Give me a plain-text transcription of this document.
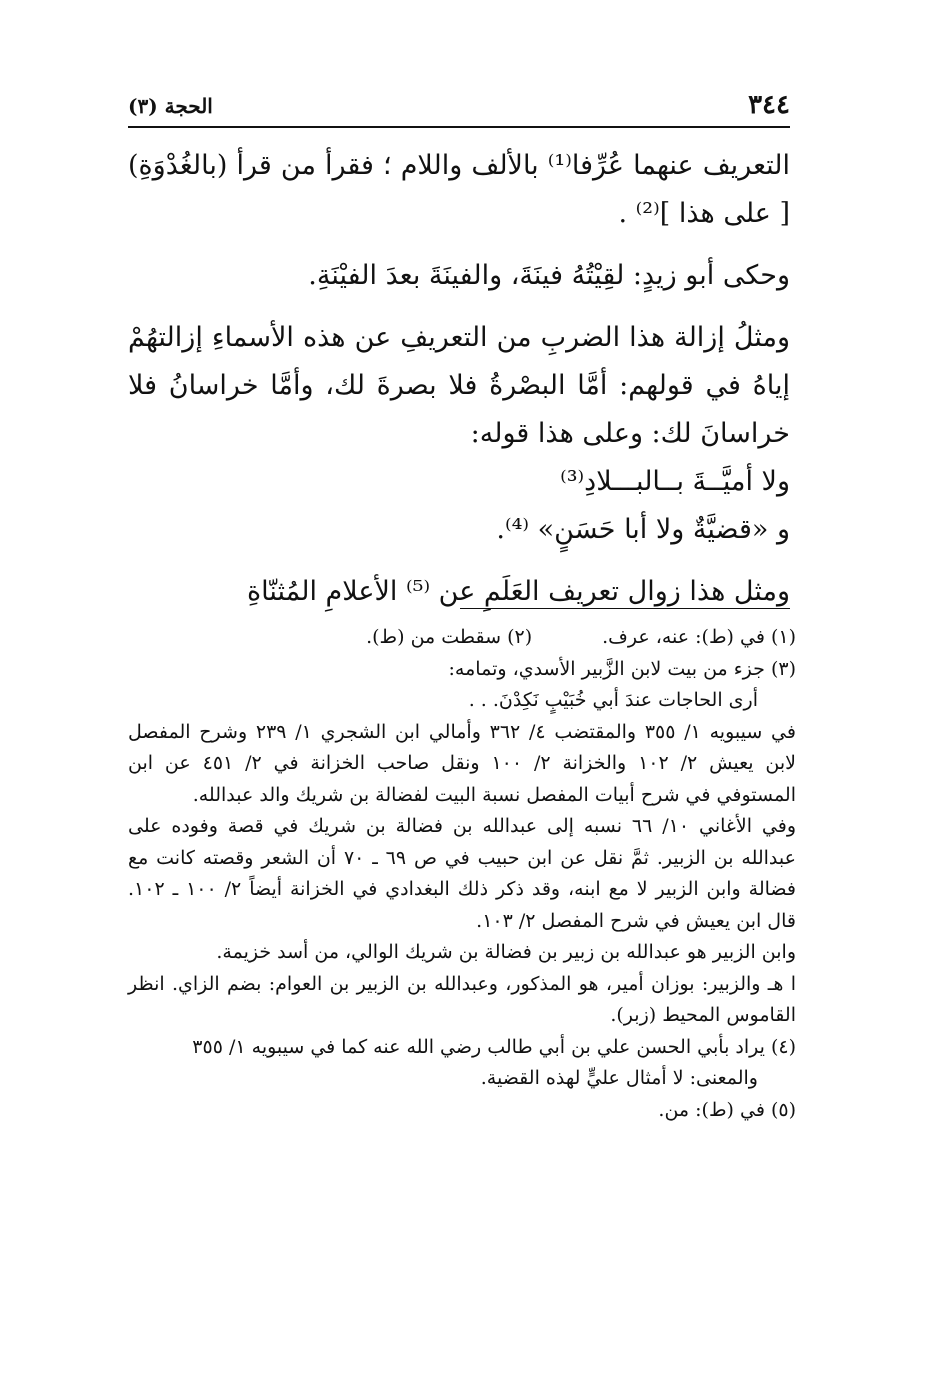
٣٤٤
الحجة (٣)

التعريف عنهما عُرِّفا⁽¹⁾ بالألف واللام ؛ فقرأ من قرأ (بالغُدْوَةِ) [ على هذا ]⁽²⁾ .

وحكى أبو زيدٍ: لقِيْتُهُ فينَةَ، والفينَةَ بعدَ الفيْنَةِ.

ومثلُ إزالة هذا الضربِ من التعريفِ عن هذه الأسماءِ إزالتهُمْ إياهُ في قولهم: أمَّا البصْرةُ فلا بصرةَ لك، وأمَّا خراسانُ فلا خراسانَ لك: وعلى هذا قوله:

ولا أميَّــةَ بــالبـــلادِ⁽³⁾

و «قضيَّةٌ ولا أبا حَسَنٍ» ⁽⁴⁾.

ومثل هذا زوال تعريف العَلَمِ عن ⁽⁵⁾ الأعلامِ المُثنّاةِ

(١) في (ط): عنه، عرف.
(٢) سقطت من (ط).

(٣) جزء من بيت لابن الزَّبير الأسدي، وتمامه:

أرى الحاجات عندَ أبي خُبَيْبٍ نَكِدْنَ. . .

في سيبويه ١/ ٣٥٥ والمقتضب ٤/ ٣٦٢ وأمالي ابن الشجري ١/ ٢٣٩ وشرح المفصل لابن يعيش ٢/ ١٠٢ والخزانة ٢/ ١٠٠ ونقل صاحب الخزانة في ٢/ ٤٥١ عن ابن المستوفي في شرح أبيات المفصل نسبة البيت لفضالة بن شريك والد عبدالله.

وفي الأغاني ١٠/ ٦٦ نسبه إلى عبدالله بن فضالة بن شريك في قصة وفوده على عبدالله بن الزبير. ثمَّ نقل عن ابن حبيب في ص ٦٩ ـ ٧٠ أن الشعر وقصته كانت مع فضالة وابن الزبير لا مع ابنه، وقد ذكر ذلك البغدادي في الخزانة أيضاً ٢/ ١٠٠ ـ ١٠٢. قال ابن يعيش في شرح المفصل ٢/ ١٠٣.

وابن الزبير هو عبدالله بن زبير بن فضالة بن شريك الوالي، من أسد خزيمة.

ا هـ والزبير: بوزان أمير، هو المذكور، وعبدالله بن الزبير بن العوام: بضم الزاي. انظر القاموس المحيط (زبر).

(٤) يراد بأبي الحسن علي بن أبي طالب رضي الله عنه كما في سيبويه ١/ ٣٥٥

والمعنى: لا أمثال عليٍّ لهذه القضية.

(٥) في (ط): من.
